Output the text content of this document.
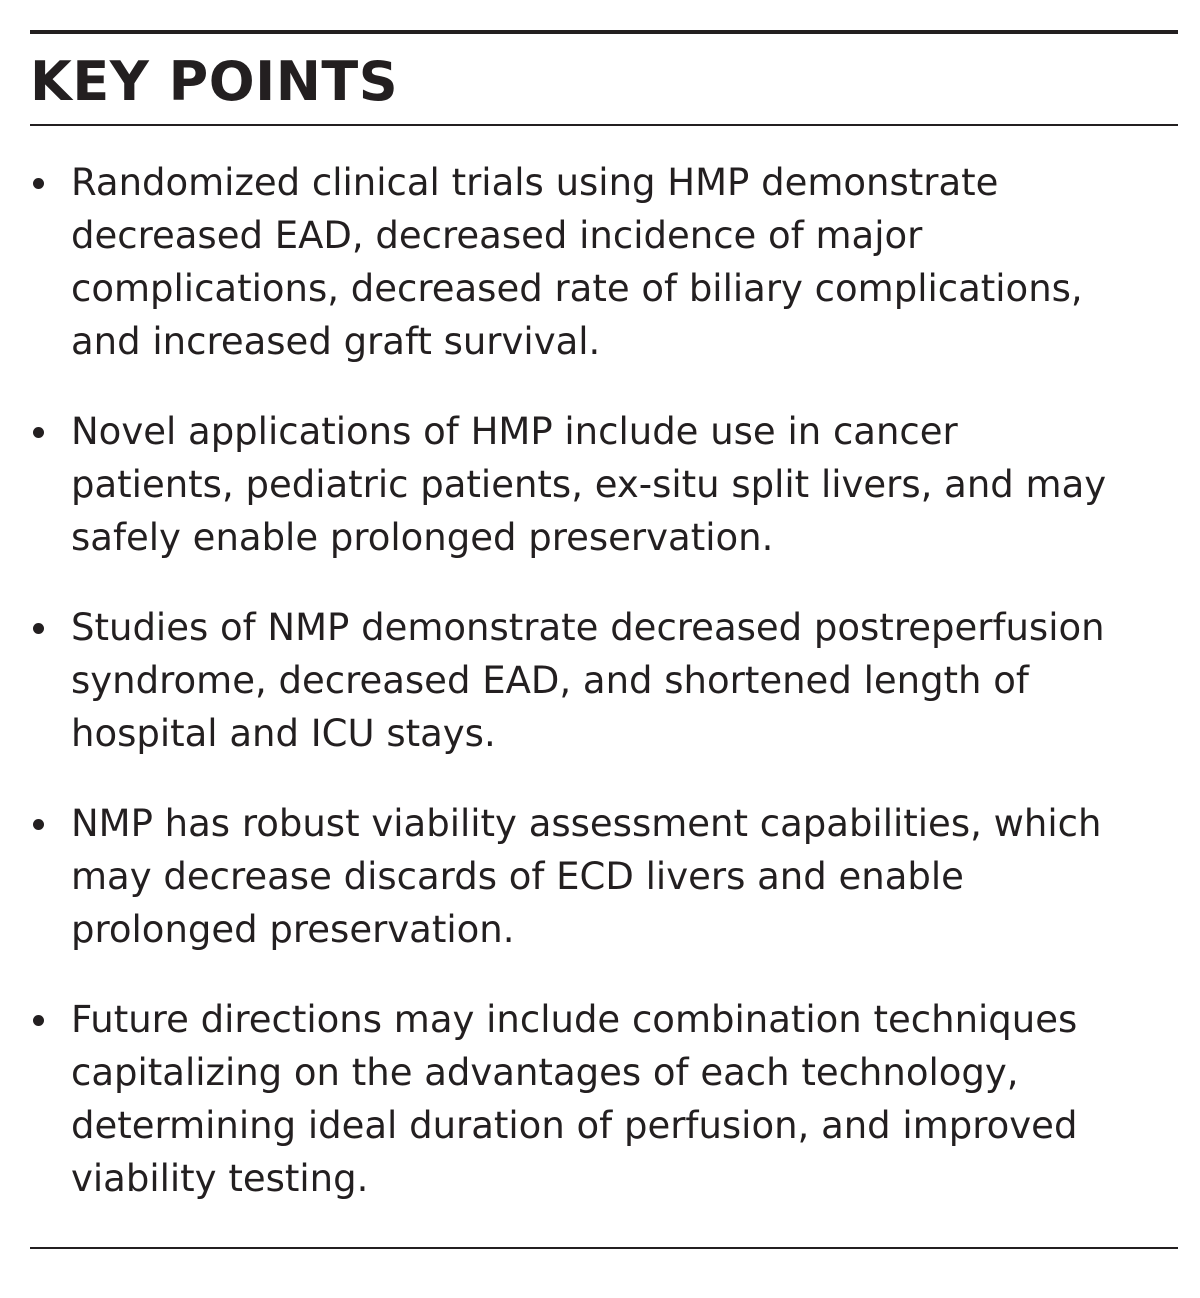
KEY POINTS
Randomized clinical trials using HMP demonstrate
decreased EAD, decreased incidence of major
complications, decreased rate of biliary complications,
and increased graft survival.
Novel applications of HMP include use in cancer
patients, pediatric patients, ex-situ split livers, and may
safely enable prolonged preservation.
Studies of NMP demonstrate decreased postreperfusion
syndrome, decreased EAD, and shortened length of
hospital and ICU stays.
NMP has robust viability assessment capabilities, which
may decrease discards of ECD livers and enable
prolonged preservation.
Future directions may include combination techniques
capitalizing on the advantages of each technology,
determining ideal duration of perfusion, and improved
viability testing.
